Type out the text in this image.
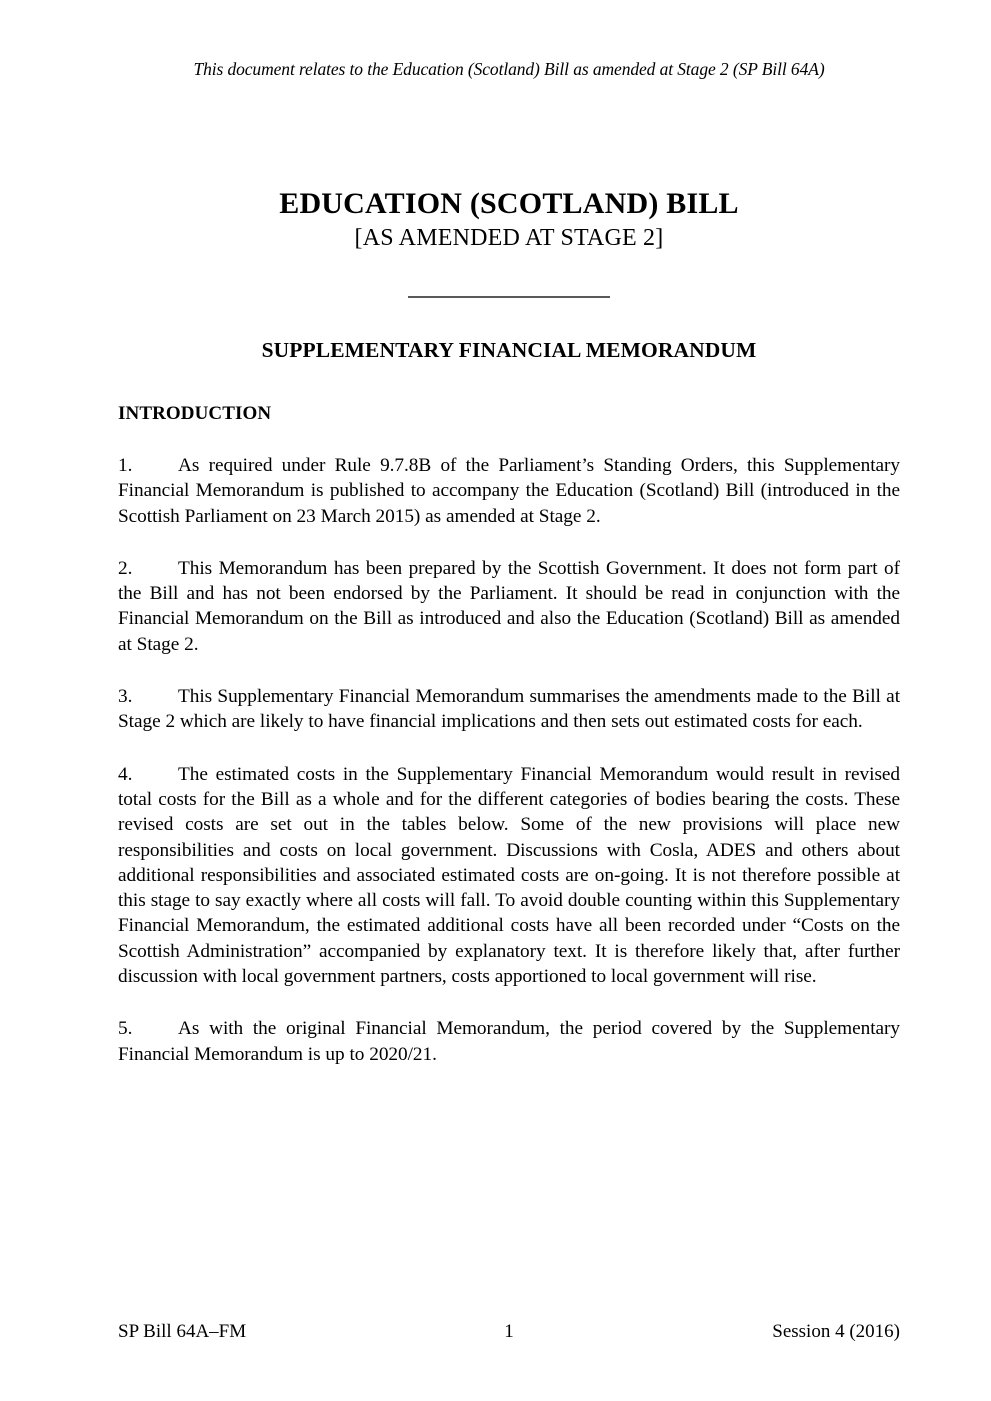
This document relates to the Education (Scotland) Bill as amended at Stage 2 (SP Bill 64A)
EDUCATION (SCOTLAND) BILL
[AS AMENDED AT STAGE 2]
SUPPLEMENTARY FINANCIAL MEMORANDUM
INTRODUCTION

1. As required under Rule 9.7.8B of the Parliament’s Standing Orders, this Supplementary Financial Memorandum is published to accompany the Education (Scotland) Bill (introduced in the Scottish Parliament on 23 March 2015) as amended at Stage 2.

2. This Memorandum has been prepared by the Scottish Government. It does not form part of the Bill and has not been endorsed by the Parliament. It should be read in conjunction with the Financial Memorandum on the Bill as introduced and also the Education (Scotland) Bill as amended at Stage 2.

3. This Supplementary Financial Memorandum summarises the amendments made to the Bill at Stage 2 which are likely to have financial implications and then sets out estimated costs for each.

4. The estimated costs in the Supplementary Financial Memorandum would result in revised total costs for the Bill as a whole and for the different categories of bodies bearing the costs. These revised costs are set out in the tables below. Some of the new provisions will place new responsibilities and costs on local government. Discussions with Cosla, ADES and others about additional responsibilities and associated estimated costs are on-going. It is not therefore possible at this stage to say exactly where all costs will fall. To avoid double counting within this Supplementary Financial Memorandum, the estimated additional costs have all been recorded under “Costs on the Scottish Administration” accompanied by explanatory text. It is therefore likely that, after further discussion with local government partners, costs apportioned to local government will rise.

5. As with the original Financial Memorandum, the period covered by the Supplementary Financial Memorandum is up to 2020/21.

SP Bill 64A–FM	1	Session 4 (2016)
